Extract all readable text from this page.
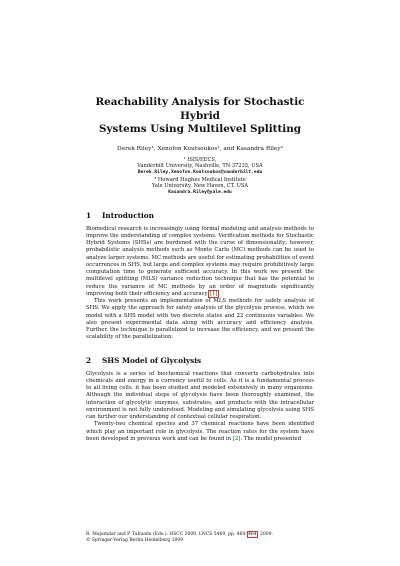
Reachability Analysis for Stochastic Hybrid
Systems Using Multilevel Splitting
Derek Riley¹, Xenofon Koutsoukos¹, and Kasandra Riley²
¹ ISIS/EECS,
Vanderbilt University, Nashville, TN 37235, USA
Derek.Riley,Xenofon.Koutsoukos@vanderbilt.edu
² Howard Hughes Medical Institute
Yale University, New Haven, CT, USA
Kasandra.Riley@yale.edu
1 Introduction

Biomedical research is increasingly using formal modeling and analysis methods to improve the understanding of complex systems. Verification methods for Stochastic Hybrid Systems (SHSs) are burdened with the curse of dimensionality; however, probabilistic analysis methods such as Monte Carlo (MC) methods can be used to analyze larger systems. MC methods are useful for estimating probabilities of event occurrences in SHS, but large and complex systems may require prohibitively large computation time to generate sufficient accuracy. In this work we present the multilevel splitting (MLS) variance reduction technique that has the potential to reduce the variance of MC methods by an order of magnitude significantly improving both their efficiency and accuracy [1].

This work presents an implementation of MLS methods for safety analysis of SHS. We apply the approach for safety analysis of the glycolysis process, which we model with a SHS model with two discrete states and 22 continuous variables. We also present experimental data along with accuracy and efficiency analysis. Further, the technique is parallelized to increase the efficiency, and we present the scalability of the parallelization.

2 SHS Model of Glycolysis

Glycolysis is a series of biochemical reactions that converts carbohydrates into chemicals and energy in a currency useful to cells. As it is a fundamental process to all living cells, it has been studied and modeled extensively in many organisms. Although the individual steps of glycolysis have been thoroughly examined, the interaction of glycolytic enzymes, substrates, and products with the intracellular environment is not fully understood. Modeling and simulating glycolysis using SHS can further our understanding of contextual cellular respiration.

Twenty-two chemical species and 37 chemical reactions have been identified which play an important role in glycolysis. The reaction rates for the system have been developed in previous work and can be found in [2]. The model presented

R. Majumdar and P. Tabuada (Eds.): HSCC 2009, LNCS 5469, pp. 460–464, 2009.
© Springer-Verlag Berlin Heidelberg 2009
